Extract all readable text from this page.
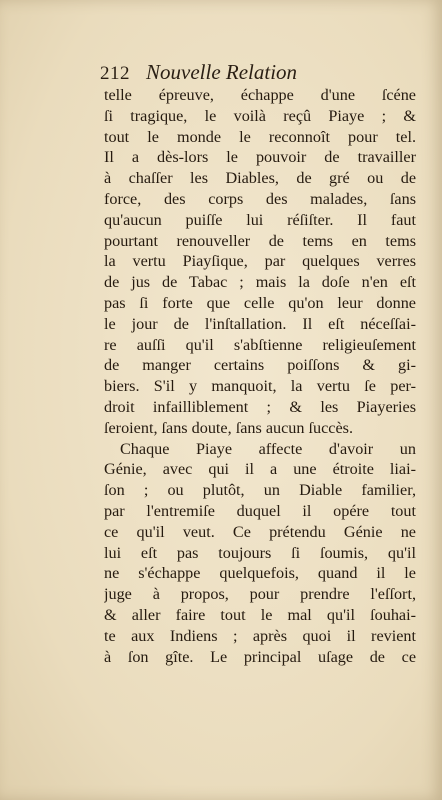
212 Nouvelle Relation
telle épreuve, échappe d'une ſcéne
ſi tragique, le voilà reçû Piaye ; &
tout le monde le reconnoît pour tel.
Il a dès-lors le pouvoir de travailler
à chaſſer les Diables, de gré ou de
force, des corps des malades, ſans
qu'aucun puiſſe lui réſiſter. Il faut
pourtant renouveller de tems en tems
la vertu Piayſique, par quelques verres
de jus de Tabac ; mais la doſe n'en eſt
pas ſi forte que celle qu'on leur donne
le jour de l'inſtallation. Il eſt néceſſai-
re auſſi qu'il s'abſtienne religieuſement
de manger certains poiſſons & gi-
biers. S'il y manquoit, la vertu ſe per-
droit infailliblement ; & les Piayeries
ſeroient, ſans doute, ſans aucun ſuccès.
Chaque Piaye affecte d'avoir un
Génie, avec qui il a une étroite liai-
ſon ; ou plutôt, un Diable familier,
par l'entremiſe duquel il opére tout
ce qu'il veut. Ce prétendu Génie ne
lui eſt pas toujours ſi ſoumis, qu'il
ne s'échappe quelquefois, quand il le
juge à propos, pour prendre l'eſſort,
& aller faire tout le mal qu'il ſouhai-
te aux Indiens ; après quoi il revient
à ſon gîte. Le principal uſage de ce
